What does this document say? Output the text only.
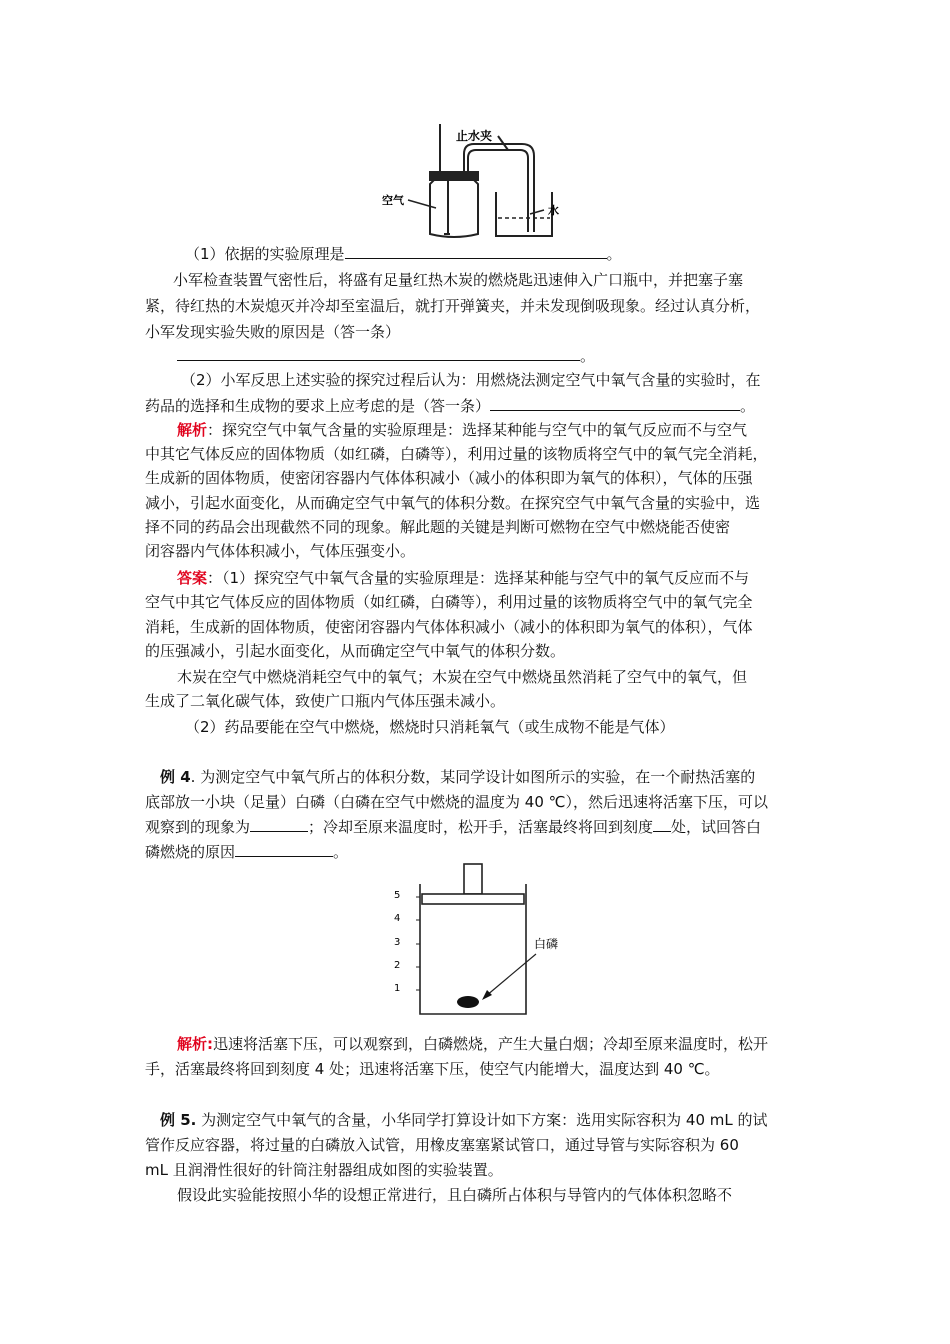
止水夹
空气
水
（1）依据的实验原理是	。
小军检查装置气密性后，将盛有足量红热木炭的燃烧匙迅速伸入广口瓶中，并把塞子塞
紧，待红热的木炭熄灭并冷却至室温后，就打开弹簧夹，并未发现倒吸现象。经过认真分析，
小军发现实验失败的原因是（答一条）
。
（2）小军反思上述实验的探究过程后认为：用燃烧法测定空气中氧气含量的实验时，在
药品的选择和生成物的要求上应考虑的是（答一条）	。
解析：探究空气中氧气含量的实验原理是：选择某种能与空气中的氧气反应而不与空气
中其它气体反应的固体物质（如红磷，白磷等），利用过量的该物质将空气中的氧气完全消耗，
生成新的固体物质，使密闭容器内气体体积减小（减小的体积即为氧气的体积），气体的压强
减小，引起水面变化，从而确定空气中氧气的体积分数。在探究空气中氧气含量的实验中，选
择不同的药品会出现截然不同的现象。解此题的关键是判断可燃物在空气中燃烧能否使密
闭容器内气体体积减小，气体压强变小。
答案：（1）探究空气中氧气含量的实验原理是：选择某种能与空气中的氧气反应而不与
空气中其它气体反应的固体物质（如红磷，白磷等），利用过量的该物质将空气中的氧气完全
消耗，生成新的固体物质，使密闭容器内气体体积减小（减小的体积即为氧气的体积），气体
的压强减小，引起水面变化，从而确定空气中氧气的体积分数。
木炭在空气中燃烧消耗空气中的氧气；木炭在空气中燃烧虽然消耗了空气中的氧气，但
生成了二氧化碳气体，致使广口瓶内气体压强未减小。
（2）药品要能在空气中燃烧，燃烧时只消耗氧气（或生成物不能是气体）
例 4. 为测定空气中氧气所占的体积分数，某同学设计如图所示的实验，在一个耐热活塞的
底部放一小块（足量）白磷（白磷在空气中燃烧的温度为 40 ℃），然后迅速将活塞下压，可以
观察到的现象为	；冷却至原来温度时，松开手，活塞最终将回到刻度 处，试回答白
磷燃烧的原因	。
5
4
3
2
1
白磷
解析:迅速将活塞下压，可以观察到，白磷燃烧，产生大量白烟；冷却至原来温度时，松开
手，活塞最终将回到刻度 4 处；迅速将活塞下压，使空气内能增大，温度达到 40 ℃。
例 5. 为测定空气中氧气的含量，小华同学打算设计如下方案：选用实际容积为 40 mL 的试
管作反应容器，将过量的白磷放入试管，用橡皮塞塞紧试管口，通过导管与实际容积为 60
mL 且润滑性很好的针筒注射器组成如图的实验装置。
假设此实验能按照小华的设想正常进行，且白磷所占体积与导管内的气体体积忽略不
